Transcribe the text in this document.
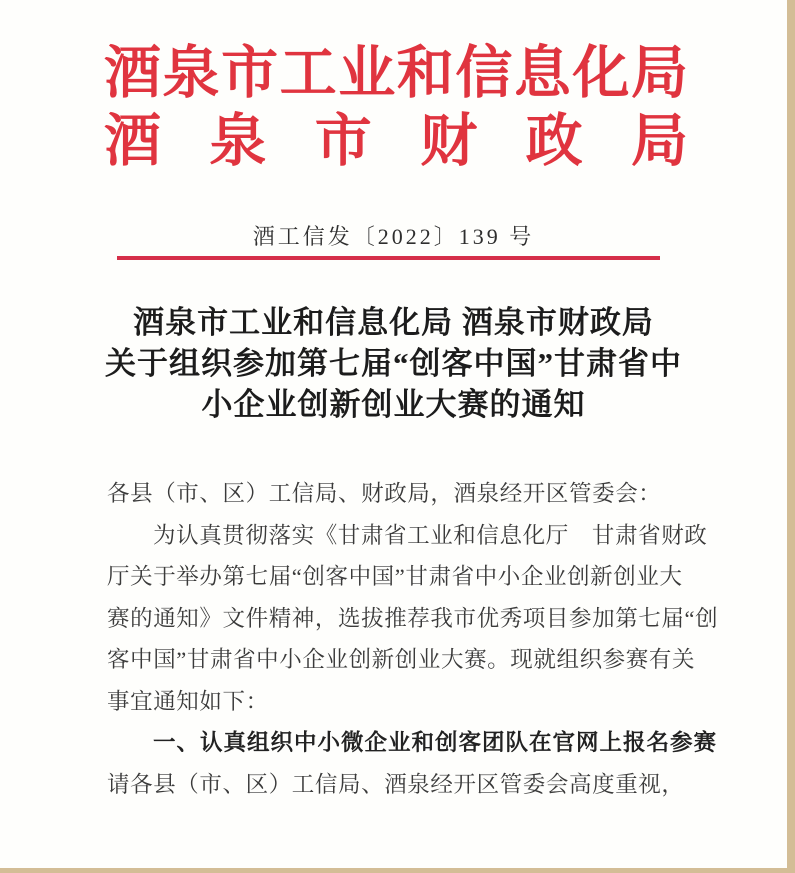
酒泉市工业和信息化局
酒 泉 市 财 政 局
酒工信发〔2022〕139 号
酒泉市工业和信息化局 酒泉市财政局
关于组织参加第七届“创客中国”甘肃省中
小企业创新创业大赛的通知
各县（市、区）工信局、财政局，酒泉经开区管委会：
为认真贯彻落实《甘肃省工业和信息化厅　甘肃省财政
厅关于举办第七届“创客中国”甘肃省中小企业创新创业大
赛的通知》文件精神，选拔推荐我市优秀项目参加第七届“创
客中国”甘肃省中小企业创新创业大赛。现就组织参赛有关
事宜通知如下：
一、认真组织中小微企业和创客团队在官网上报名参赛
请各县（市、区）工信局、酒泉经开区管委会高度重视，
